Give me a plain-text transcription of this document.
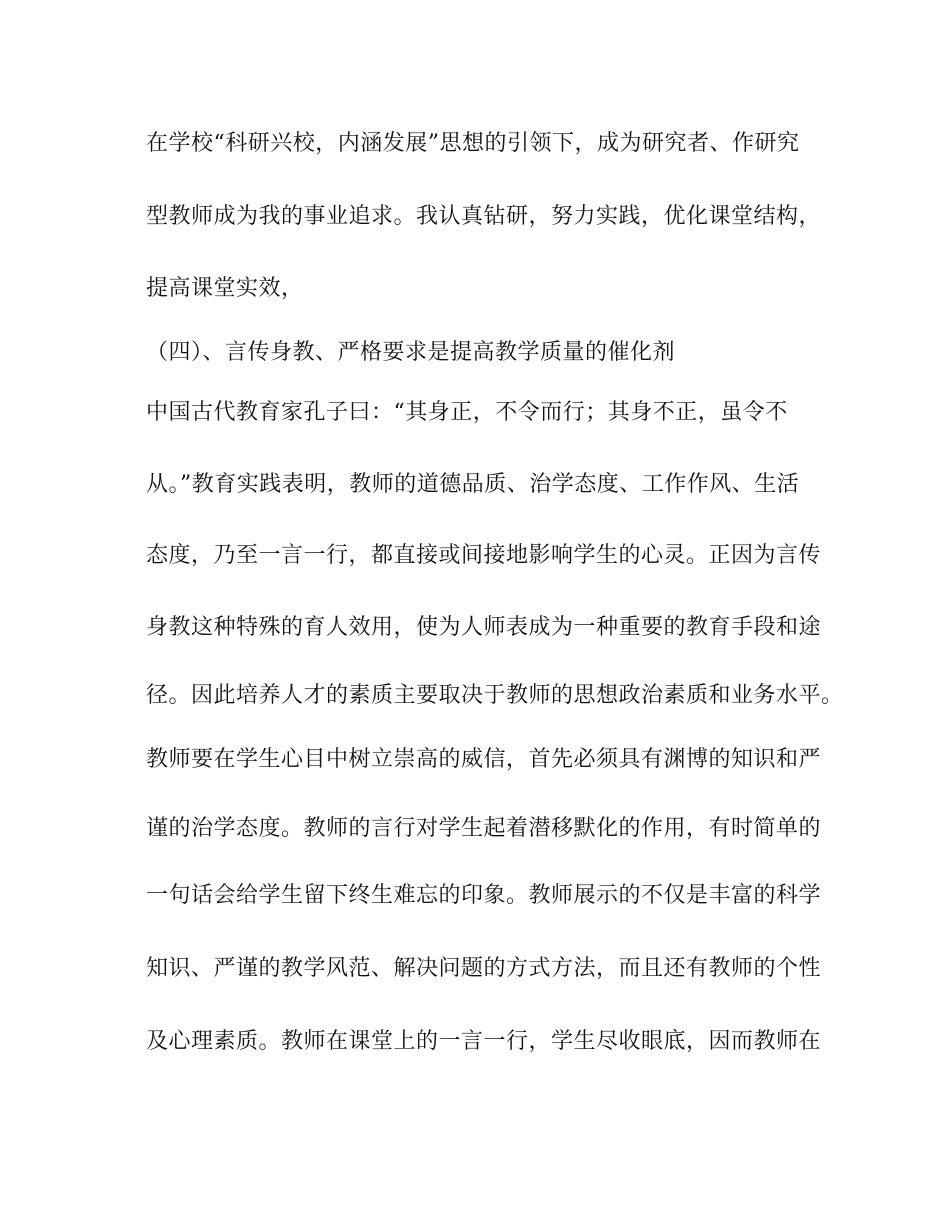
在学校“科研兴校，内涵发展”思想的引领下，成为研究者、作研究

型教师成为我的事业追求。我认真钻研，努力实践，优化课堂结构，

提高课堂实效，

（四）、言传身教、严格要求是提高教学质量的催化剂

中国古代教育家孔子曰：“其身正，不令而行；其身不正，虽令不

从。”教育实践表明，教师的道德品质、治学态度、工作作风、生活

态度，乃至一言一行，都直接或间接地影响学生的心灵。正因为言传

身教这种特殊的育人效用，使为人师表成为一种重要的教育手段和途

径。因此培养人才的素质主要取决于教师的思想政治素质和业务水平。

教师要在学生心目中树立崇高的威信，首先必须具有渊博的知识和严

谨的治学态度。教师的言行对学生起着潜移默化的作用，有时简单的

一句话会给学生留下终生难忘的印象。教师展示的不仅是丰富的科学

知识、严谨的教学风范、解决问题的方式方法，而且还有教师的个性

及心理素质。教师在课堂上的一言一行，学生尽收眼底，因而教师在
